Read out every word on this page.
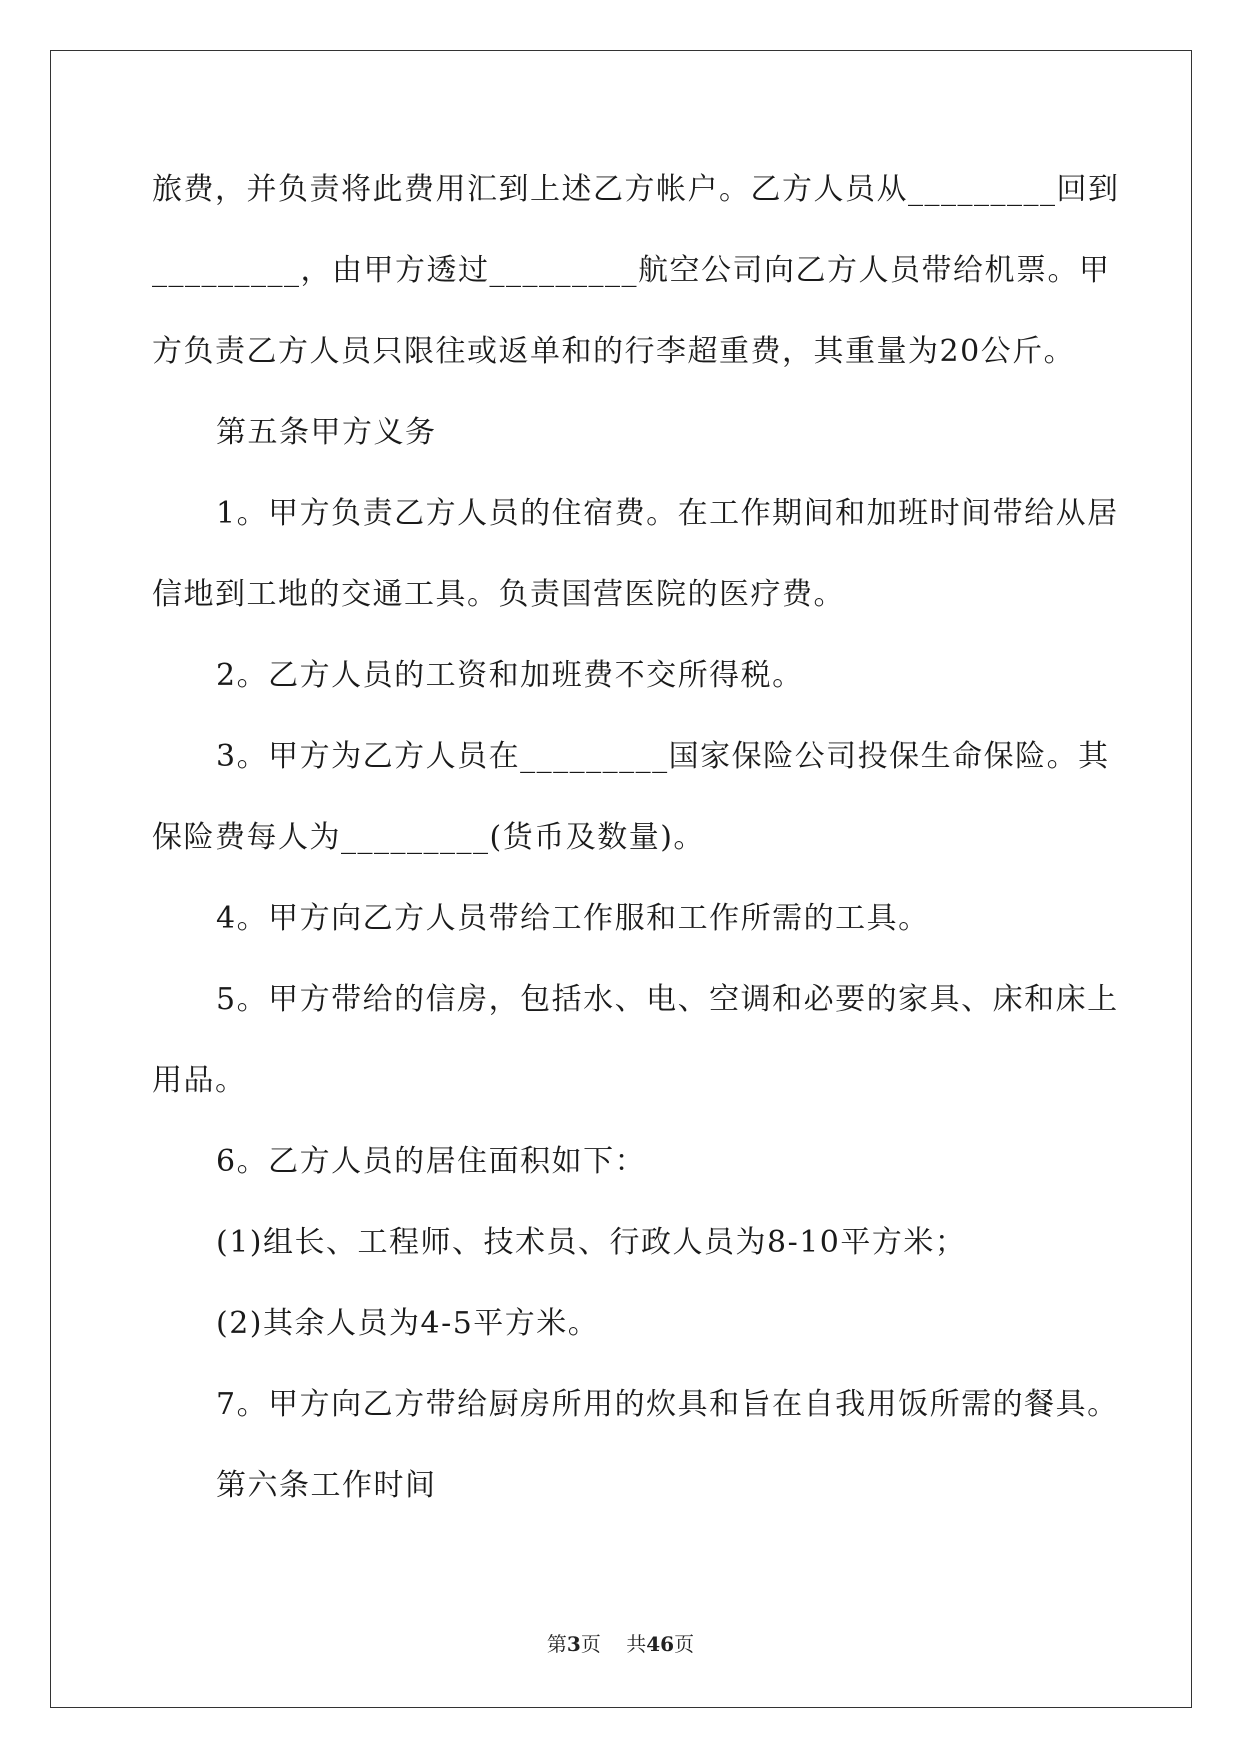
旅费，并负责将此费用汇到上述乙方帐户。乙方人员从_________回到
_________，由甲方透过_________航空公司向乙方人员带给机票。甲
方负责乙方人员只限往或返单和的行李超重费，其重量为20公斤。
第五条甲方义务
1。甲方负责乙方人员的住宿费。在工作期间和加班时间带给从居
信地到工地的交通工具。负责国营医院的医疗费。
2。乙方人员的工资和加班费不交所得税。
3。甲方为乙方人员在_________国家保险公司投保生命保险。其
保险费每人为_________(货币及数量)。
4。甲方向乙方人员带给工作服和工作所需的工具。
5。甲方带给的信房，包括水、电、空调和必要的家具、床和床上
用品。
6。乙方人员的居住面积如下：
(1)组长、工程师、技术员、行政人员为8-10平方米；
(2)其余人员为4-5平方米。
7。甲方向乙方带给厨房所用的炊具和旨在自我用饭所需的餐具。
第六条工作时间
第3页 共46页
